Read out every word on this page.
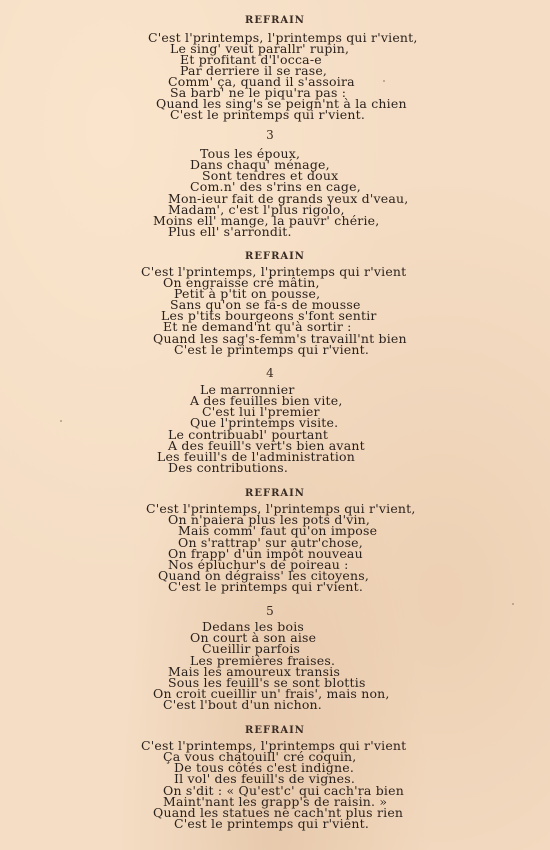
REFRAIN
C'est l'printemps, l'printemps qui r'vient,
Le sing' veut parallr' rupin,
Et profitant d'l'occa-e
Par derriere il se rase,
Comm' ça, quand il s'assoira
Sa barb' ne le piqu'ra pas :
Quand les sing's se peign'nt à la chien
C'est le printemps qui r'vient.
3
Tous les époux,
Dans chaqu' ménage,
Sont tendres et doux
Com.n' des s'rins en cage,
Mon-ieur fait de grands yeux d'veau,
Madam', c'est l'plus rigolo,
Moins ell' mange, la pauvr' chérie,
Plus ell' s'arrondit.
REFRAIN
C'est l'printemps, l'printemps qui r'vient
On engraisse cré mâtin,
Petit à p'tit on pousse,
Sans qu'on se fa-s de mousse
Les p'tits bourgeons s'font sentir
Et ne demand'nt qu'à sortir :
Quand les sag's-femm's travaill'nt bien
C'est le printemps qui r'vient.
4
Le marronnier
A des feuilles bien vite,
C'est lui l'premier
Que l'printemps visite.
Le contribuabl' pourtant
A des feuill's vert's bien avant
Les feuill's de l'administration
Des contributions.
REFRAIN
C'est l'printemps, l'printemps qui r'vient,
On n'paiera plus les pots d'vin,
Mais comm' faut qu'on impose
On s'rattrap' sur autr'chose,
On frapp' d'un impôt nouveau
Nos épluchur's de poireau :
Quand on dégraiss' les citoyens,
C'est le printemps qui r'vient.
5
Dedans les bois
On court à son aise
Cueillir parfois
Les premières fraises.
Mais les amoureux transis
Sous les feuill's se sont blottis
On croit cueillir un' frais', mais non,
C'est l'bout d'un nichon.
REFRAIN
C'est l'printemps, l'printemps qui r'vient
Ça vous chatouill' cré coquin,
De tous côtés c'est indigne.
Il vol' des feuill's de vignes.
On s'dit : « Qu'est'c' qui cach'ra bien
Maint'nant les grapp's de raisin. »
Quand les statues ne cach'nt plus rien
C'est le printemps qui r'vient.
